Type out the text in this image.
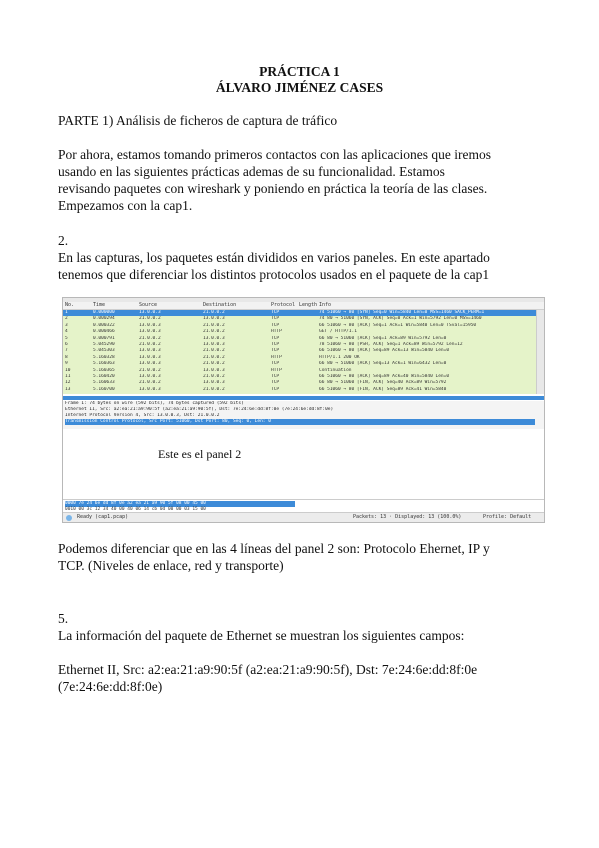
PRÁCTICA 1
ÁLVARO JIMÉNEZ CASES
PARTE 1) Análisis de ficheros de captura de tráfico
Por ahora, estamos tomando primeros contactos con las aplicaciones que iremos
usando en las siguientes prácticas ademas de su funcionalidad. Estamos
revisando paquetes con wireshark y poniendo en práctica la teoría de las clases.
Empezamos con la cap1.
2.
En las capturas, los paquetes están divididos en varios paneles. En este apartado
tenemos que diferenciar los distintos protocolos usados en el paquete de la cap1
No.	Time	Source	Destination	Protocol Length Info
1	0.000000	13.0.0.3	21.0.0.2	TCP	74 51060 → 80 [SYN] Seq=0 Win=5840 Len=0 MSS=1460 SACK_PERM=1
2	0.000294	21.0.0.2	13.0.0.3	TCP	74 80 → 51060 [SYN, ACK] Seq=0 Ack=1 Win=5792 Len=0 MSS=1460
3	0.000322	13.0.0.3	21.0.0.2	TCP	66 51060 → 80 [ACK] Seq=1 Ack=1 Win=5840 Len=0 TSval=15950
4	0.000466	13.0.0.3	21.0.0.2	HTTP	GET / HTTP/1.1
5	0.000791	21.0.0.2	13.0.0.3	TCP	66 80 → 51060 [ACK] Seq=1 Ack=89 Win=5792 Len=0
6	5.045290	21.0.0.2	13.0.0.3	TCP	78 51060 → 80 [PSH, ACK] Seq=1 Ack=89 Win=5792 Len=12
7	5.045303	13.0.0.3	21.0.0.2	TCP	66 51060 → 80 [ACK] Seq=89 Ack=13 Win=5840 Len=0
8	5.160328	13.0.0.3	21.0.0.2	HTTP	HTTP/1.1 200 OK
9	5.160363	13.0.0.3	21.0.0.2	TCP	66 80 → 51060 [ACK] Seq=13 Ack=1 Win=6432 Len=0
10	5.160365	21.0.0.2	13.0.0.3	HTTP	Continuation
11	5.160420	13.0.0.3	21.0.0.2	TCP	66 51060 → 80 [ACK] Seq=89 Ack=40 Win=5840 Len=0
12	5.160633	21.0.0.2	13.0.0.3	TCP	66 80 → 51060 [FIN, ACK] Seq=40 Ack=89 Win=5792
13	5.160700	13.0.0.3	21.0.0.2	TCP	66 51060 → 80 [FIN, ACK] Seq=89 Ack=41 Win=5840
Frame 1: 74 bytes on wire (592 bits), 74 bytes captured (592 bits)
Ethernet II, Src: a2:ea:21:a9:90:5f (a2:ea:21:a9:90:5f), Dst: 7e:24:6e:dd:8f:0e (7e:24:6e:dd:8f:0e)
Internet Protocol Version 4, Src: 13.0.0.3, Dst: 21.0.0.2
Transmission Control Protocol, Src Port: 51060, Dst Port: 80, Seq: 0, Len: 0
Este es el panel 2
0000 7e 24 6e dd 8f 0e a2 ea 21 a9 90 5f 08 00 45 00
0010 00 3c 12 34 40 00 40 06 14 cb 0d 00 00 03 15 00
Ready (cap1.pcap)	Packets: 13 · Displayed: 13 (100.0%)	Profile: Default
Podemos diferenciar que en las 4 líneas del panel 2 son: Protocolo Ehernet, IP y
TCP. (Niveles de enlace, red y transporte)
5.
La información del paquete de Ethernet se muestran los siguientes campos:
Ethernet II, Src: a2:ea:21:a9:90:5f (a2:ea:21:a9:90:5f), Dst: 7e:24:6e:dd:8f:0e
(7e:24:6e:dd:8f:0e)
